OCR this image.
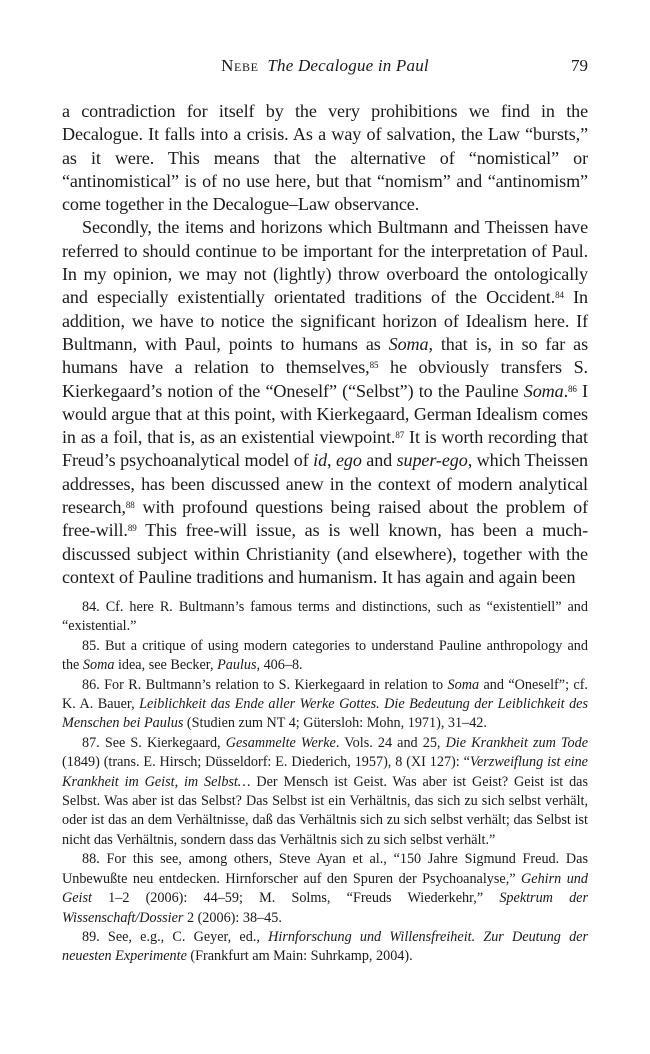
Nebe The Decalogue in Paul	79

a contradiction for itself by the very prohibitions we find in the Decalogue. It falls into a crisis. As a way of salvation, the Law “bursts,” as it were. This means that the alternative of “nomistical” or “antinomistical” is of no use here, but that “nomism” and “antinomism” come together in the Decalogue–Law observance.

Secondly, the items and horizons which Bultmann and Theissen have referred to should continue to be important for the interpretation of Paul. In my opinion, we may not (lightly) throw overboard the ontologically and especially existentially orientated traditions of the Occident.$^{84}$ In addition, we have to notice the significant horizon of Idealism here. If Bultmann, with Paul, points to humans as Soma, that is, in so far as humans have a relation to themselves,$^{85}$ he obviously transfers S. Kierkegaard’s notion of the “Oneself” (“Selbst”) to the Pauline Soma.$^{86}$ I would argue that at this point, with Kierkegaard, German Idealism comes in as a foil, that is, as an existential viewpoint.$^{87}$ It is worth recording that Freud’s psychoanalytical model of id, ego and super-ego, which Theissen addresses, has been discussed anew in the context of modern analytical research,$^{88}$ with profound questions being raised about the problem of free-will.$^{89}$ This free-will issue, as is well known, has been a much-discussed subject within Christianity (and elsewhere), together with the context of Pauline traditions and humanism. It has again and again been

84. Cf. here R. Bultmann’s famous terms and distinctions, such as “existentiell” and “existential.”

85. But a critique of using modern categories to understand Pauline anthropology and the Soma idea, see Becker, Paulus, 406–8.

86. For R. Bultmann’s relation to S. Kierkegaard in relation to Soma and “Oneself”; cf. K. A. Bauer, Leiblichkeit das Ende aller Werke Gottes. Die Bedeutung der Leiblichkeit des Menschen bei Paulus (Studien zum NT 4; Gütersloh: Mohn, 1971), 31–42.

87. See S. Kierkegaard, Gesammelte Werke. Vols. 24 and 25, Die Krankheit zum Tode (1849) (trans. E. Hirsch; Düsseldorf: E. Diederich, 1957), 8 (XI 127): “Verzweiflung ist eine Krankheit im Geist, im Selbst… Der Mensch ist Geist. Was aber ist Geist? Geist ist das Selbst. Was aber ist das Selbst? Das Selbst ist ein Verhältnis, das sich zu sich selbst verhält, oder ist das an dem Verhältnisse, daß das Verhältnis sich zu sich selbst verhält; das Selbst ist nicht das Verhältnis, sondern dass das Verhältnis sich zu sich selbst verhält.”

88. For this see, among others, Steve Ayan et al., “150 Jahre Sigmund Freud. Das Unbewußte neu entdecken. Hirnforscher auf den Spuren der Psychoanalyse,” Gehirn und Geist 1–2 (2006): 44–59; M. Solms, “Freuds Wiederkehr,” Spektrum der Wissenschaft/Dossier 2 (2006): 38–45.

89. See, e.g., C. Geyer, ed., Hirnforschung und Willensfreiheit. Zur Deutung der neuesten Experimente (Frankfurt am Main: Suhrkamp, 2004).
